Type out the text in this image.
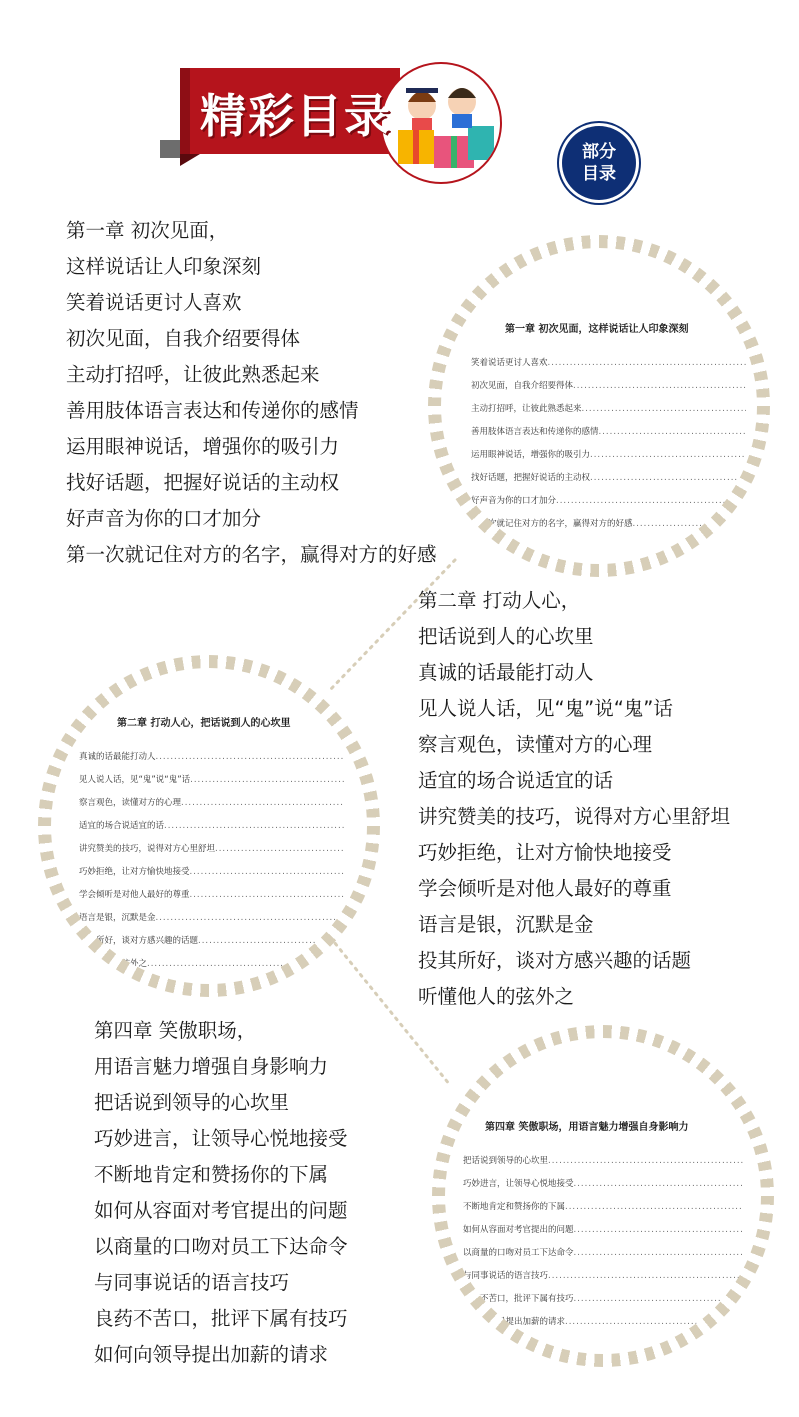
精彩目录
部分
目录
第一章 初次见面，
这样说话让人印象深刻
笑着说话更讨人喜欢
初次见面，自我介绍要得体
主动打招呼，让彼此熟悉起来
善用肢体语言表达和传递你的感情
运用眼神说话，增强你的吸引力
找好话题，把握好说话的主动权
好声音为你的口才加分
第一次就记住对方的名字，赢得对方的好感
第一章 初次见面，这样说话让人印象深刻
笑着说话更讨人喜欢
.....
初次见面，自我介绍要得体
.....
主动打招呼，让彼此熟悉起来
.....
善用肢体语言表达和传递你的感情
.....
运用眼神说话，增强你的吸引力
.....
找好话题，把握好说话的主动权
.....
好声音为你的口才加分
.....
第一次就记住对方的名字，赢得对方的好感
.....
第二章 打动人心，
把话说到人的心坎里
真诚的话最能打动人
见人说人话，见“鬼”说“鬼”话
察言观色，读懂对方的心理
适宜的场合说适宜的话
讲究赞美的技巧，说得对方心里舒坦
巧妙拒绝，让对方愉快地接受
学会倾听是对他人最好的尊重
语言是银，沉默是金
投其所好，谈对方感兴趣的话题
听懂他人的弦外之
第二章 打动人心，把话说到人的心坎里
真诚的话最能打动人
.....
见人说人话，见“鬼”说“鬼”话
.....
察言观色，读懂对方的心理
.....
适宜的场合说适宜的话
.....
讲究赞美的技巧，说得对方心里舒坦
.....
巧妙拒绝，让对方愉快地接受
.....
学会倾听是对他人最好的尊重
.....
语言是银，沉默是金
.....
投其所好，谈对方感兴趣的话题
.....
听懂他人的弦外之
.....
第四章 笑傲职场，
用语言魅力增强自身影响力
把话说到领导的心坎里
巧妙进言，让领导心悦地接受
不断地肯定和赞扬你的下属
如何从容面对考官提出的问题
以商量的口吻对员工下达命令
与同事说话的语言技巧
良药不苦口，批评下属有技巧
如何向领导提出加薪的请求
第四章 笑傲职场，用语言魅力增强自身影响力
把话说到领导的心坎里
.....
巧妙进言，让领导心悦地接受
.....
不断地肯定和赞扬你的下属
.....
如何从容面对考官提出的问题
.....
以商量的口吻对员工下达命令
.....
与同事说话的语言技巧
.....
良药不苦口，批评下属有技巧
.....
如何向领导提出加薪的请求
.....
